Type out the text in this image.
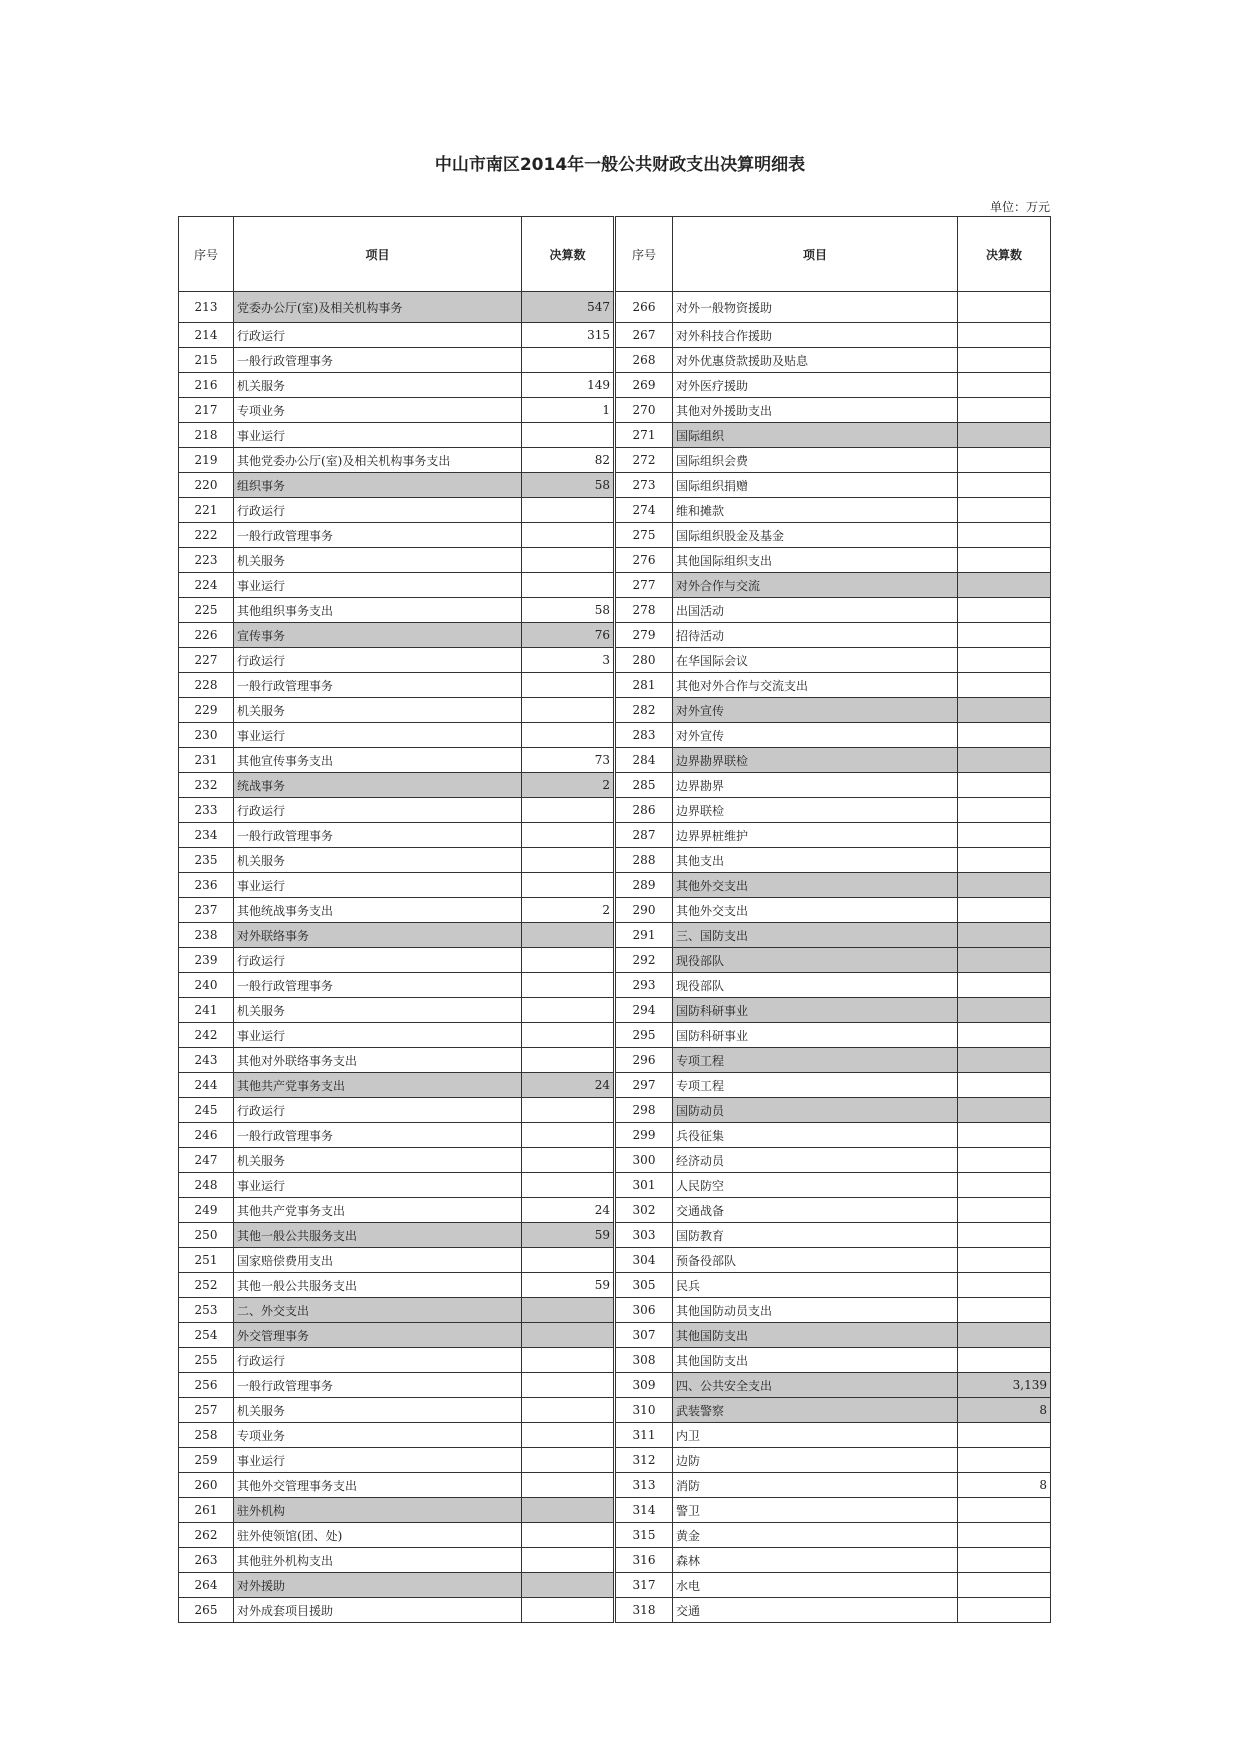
中山市南区2014年一般公共财政支出决算明细表
单位：万元
序号	项目	决算数	序号	项目	决算数
213	党委办公厅(室)及相关机构事务	547	266	对外一般物资援助	
214	行政运行	315	267	对外科技合作援助	
215	一般行政管理事务		268	对外优惠贷款援助及贴息	
216	机关服务	149	269	对外医疗援助	
217	专项业务	1	270	其他对外援助支出	
218	事业运行		271	国际组织	
219	其他党委办公厅(室)及相关机构事务支出	82	272	国际组织会费	
220	组织事务	58	273	国际组织捐赠	
221	行政运行		274	维和摊款	
222	一般行政管理事务		275	国际组织股金及基金	
223	机关服务		276	其他国际组织支出	
224	事业运行		277	对外合作与交流	
225	其他组织事务支出	58	278	出国活动	
226	宣传事务	76	279	招待活动	
227	行政运行	3	280	在华国际会议	
228	一般行政管理事务		281	其他对外合作与交流支出	
229	机关服务		282	对外宣传	
230	事业运行		283	对外宣传	
231	其他宣传事务支出	73	284	边界勘界联检	
232	统战事务	2	285	边界勘界	
233	行政运行		286	边界联检	
234	一般行政管理事务		287	边界界桩维护	
235	机关服务		288	其他支出	
236	事业运行		289	其他外交支出	
237	其他统战事务支出	2	290	其他外交支出	
238	对外联络事务		291	三、国防支出	
239	行政运行		292	现役部队	
240	一般行政管理事务		293	现役部队	
241	机关服务		294	国防科研事业	
242	事业运行		295	国防科研事业	
243	其他对外联络事务支出		296	专项工程	
244	其他共产党事务支出	24	297	专项工程	
245	行政运行		298	国防动员	
246	一般行政管理事务		299	兵役征集	
247	机关服务		300	经济动员	
248	事业运行		301	人民防空	
249	其他共产党事务支出	24	302	交通战备	
250	其他一般公共服务支出	59	303	国防教育	
251	国家赔偿费用支出		304	预备役部队	
252	其他一般公共服务支出	59	305	民兵	
253	二、外交支出		306	其他国防动员支出	
254	外交管理事务		307	其他国防支出	
255	行政运行		308	其他国防支出	
256	一般行政管理事务		309	四、公共安全支出	3,139
257	机关服务		310	武装警察	8
258	专项业务		311	内卫	
259	事业运行		312	边防	
260	其他外交管理事务支出		313	消防	8
261	驻外机构		314	警卫	
262	驻外使领馆(团、处)		315	黄金	
263	其他驻外机构支出		316	森林	
264	对外援助		317	水电	
265	对外成套项目援助		318	交通	
